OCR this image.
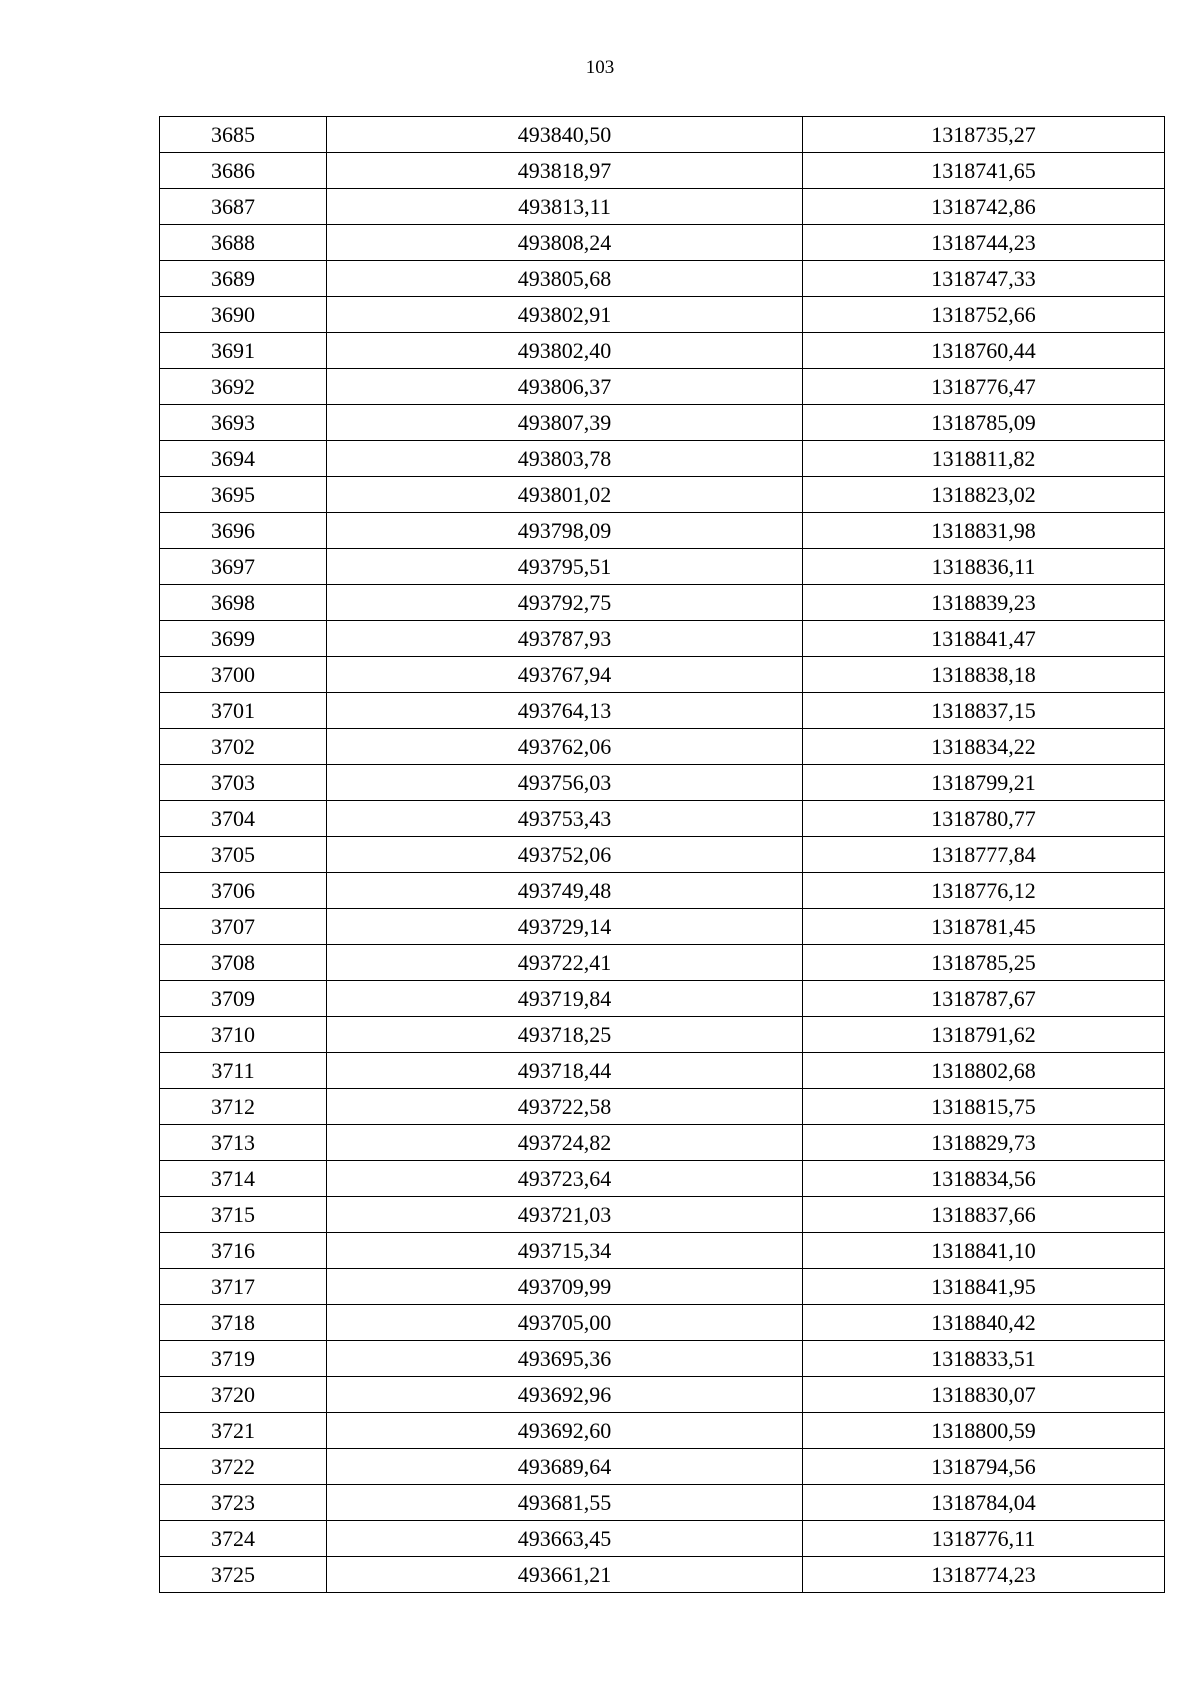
103
3685	493840,50	1318735,27
3686	493818,97	1318741,65
3687	493813,11	1318742,86
3688	493808,24	1318744,23
3689	493805,68	1318747,33
3690	493802,91	1318752,66
3691	493802,40	1318760,44
3692	493806,37	1318776,47
3693	493807,39	1318785,09
3694	493803,78	1318811,82
3695	493801,02	1318823,02
3696	493798,09	1318831,98
3697	493795,51	1318836,11
3698	493792,75	1318839,23
3699	493787,93	1318841,47
3700	493767,94	1318838,18
3701	493764,13	1318837,15
3702	493762,06	1318834,22
3703	493756,03	1318799,21
3704	493753,43	1318780,77
3705	493752,06	1318777,84
3706	493749,48	1318776,12
3707	493729,14	1318781,45
3708	493722,41	1318785,25
3709	493719,84	1318787,67
3710	493718,25	1318791,62
3711	493718,44	1318802,68
3712	493722,58	1318815,75
3713	493724,82	1318829,73
3714	493723,64	1318834,56
3715	493721,03	1318837,66
3716	493715,34	1318841,10
3717	493709,99	1318841,95
3718	493705,00	1318840,42
3719	493695,36	1318833,51
3720	493692,96	1318830,07
3721	493692,60	1318800,59
3722	493689,64	1318794,56
3723	493681,55	1318784,04
3724	493663,45	1318776,11
3725	493661,21	1318774,23
